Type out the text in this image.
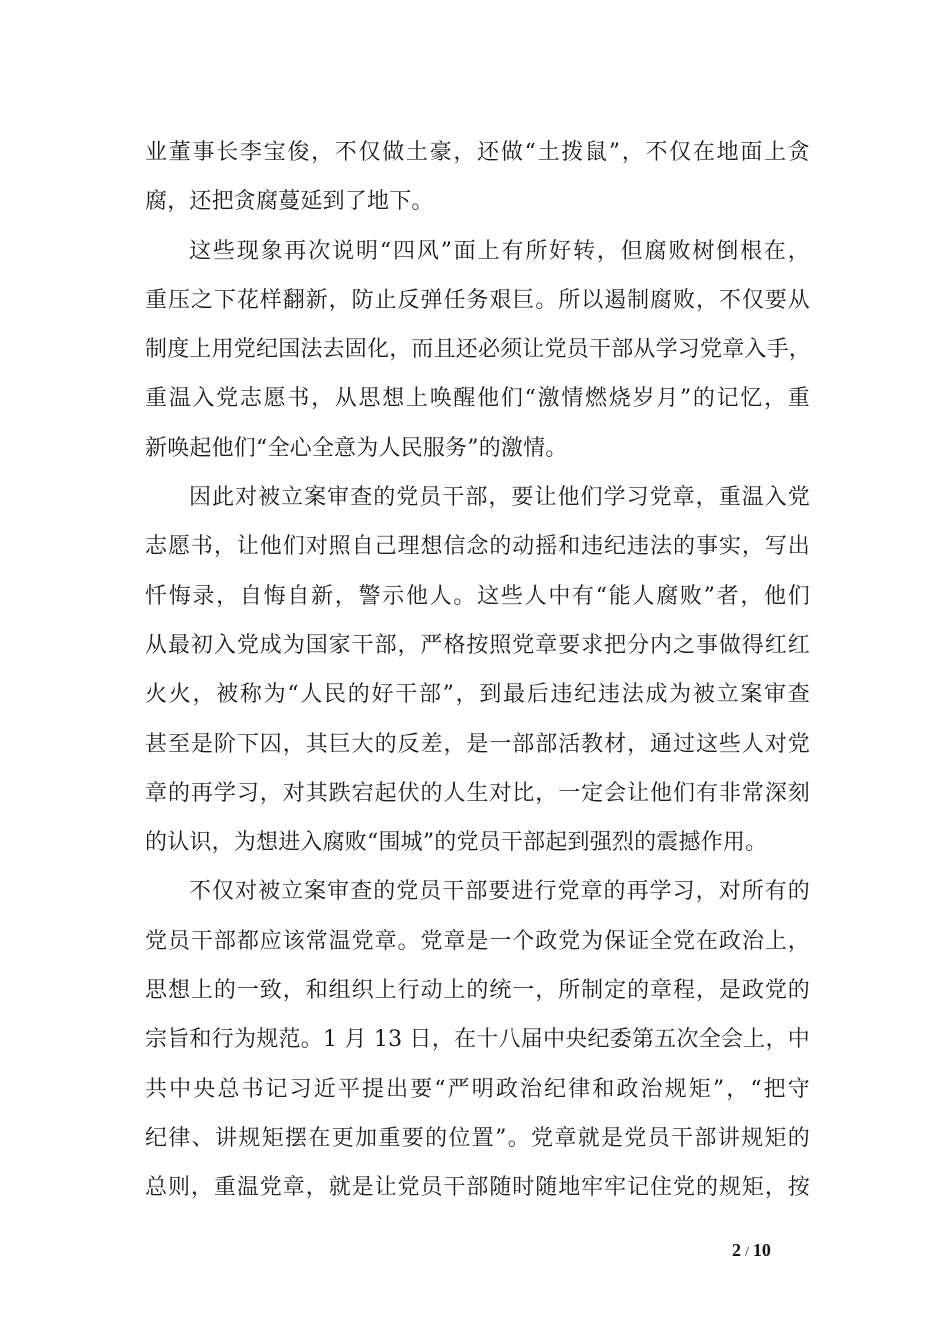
业董事长李宝俊，不仅做土豪，还做“土拨鼠”，不仅在地面上贪
腐，还把贪腐蔓延到了地下。
这些现象再次说明“四风”面上有所好转，但腐败树倒根在，
重压之下花样翻新，防止反弹任务艰巨。所以遏制腐败，不仅要从
制度上用党纪国法去固化，而且还必须让党员干部从学习党章入手，
重温入党志愿书，从思想上唤醒他们“激情燃烧岁月”的记忆，重
新唤起他们“全心全意为人民服务”的激情。
因此对被立案审查的党员干部，要让他们学习党章，重温入党
志愿书，让他们对照自己理想信念的动摇和违纪违法的事实，写出
忏悔录，自悔自新，警示他人。这些人中有“能人腐败”者，他们
从最初入党成为国家干部，严格按照党章要求把分内之事做得红红
火火，被称为“人民的好干部”，到最后违纪违法成为被立案审查
甚至是阶下囚，其巨大的反差，是一部部活教材，通过这些人对党
章的再学习，对其跌宕起伏的人生对比，一定会让他们有非常深刻
的认识，为想进入腐败“围城”的党员干部起到强烈的震撼作用。
不仅对被立案审查的党员干部要进行党章的再学习，对所有的
党员干部都应该常温党章。党章是一个政党为保证全党在政治上，
思想上的一致，和组织上行动上的统一，所制定的章程，是政党的
宗旨和行为规范。1 月 13 日，在十八届中央纪委第五次全会上，中
共中央总书记习近平提出要“严明政治纪律和政治规矩”，“把守
纪律、讲规矩摆在更加重要的位置”。党章就是党员干部讲规矩的
总则，重温党章，就是让党员干部随时随地牢牢记住党的规矩，按
2 / 10
